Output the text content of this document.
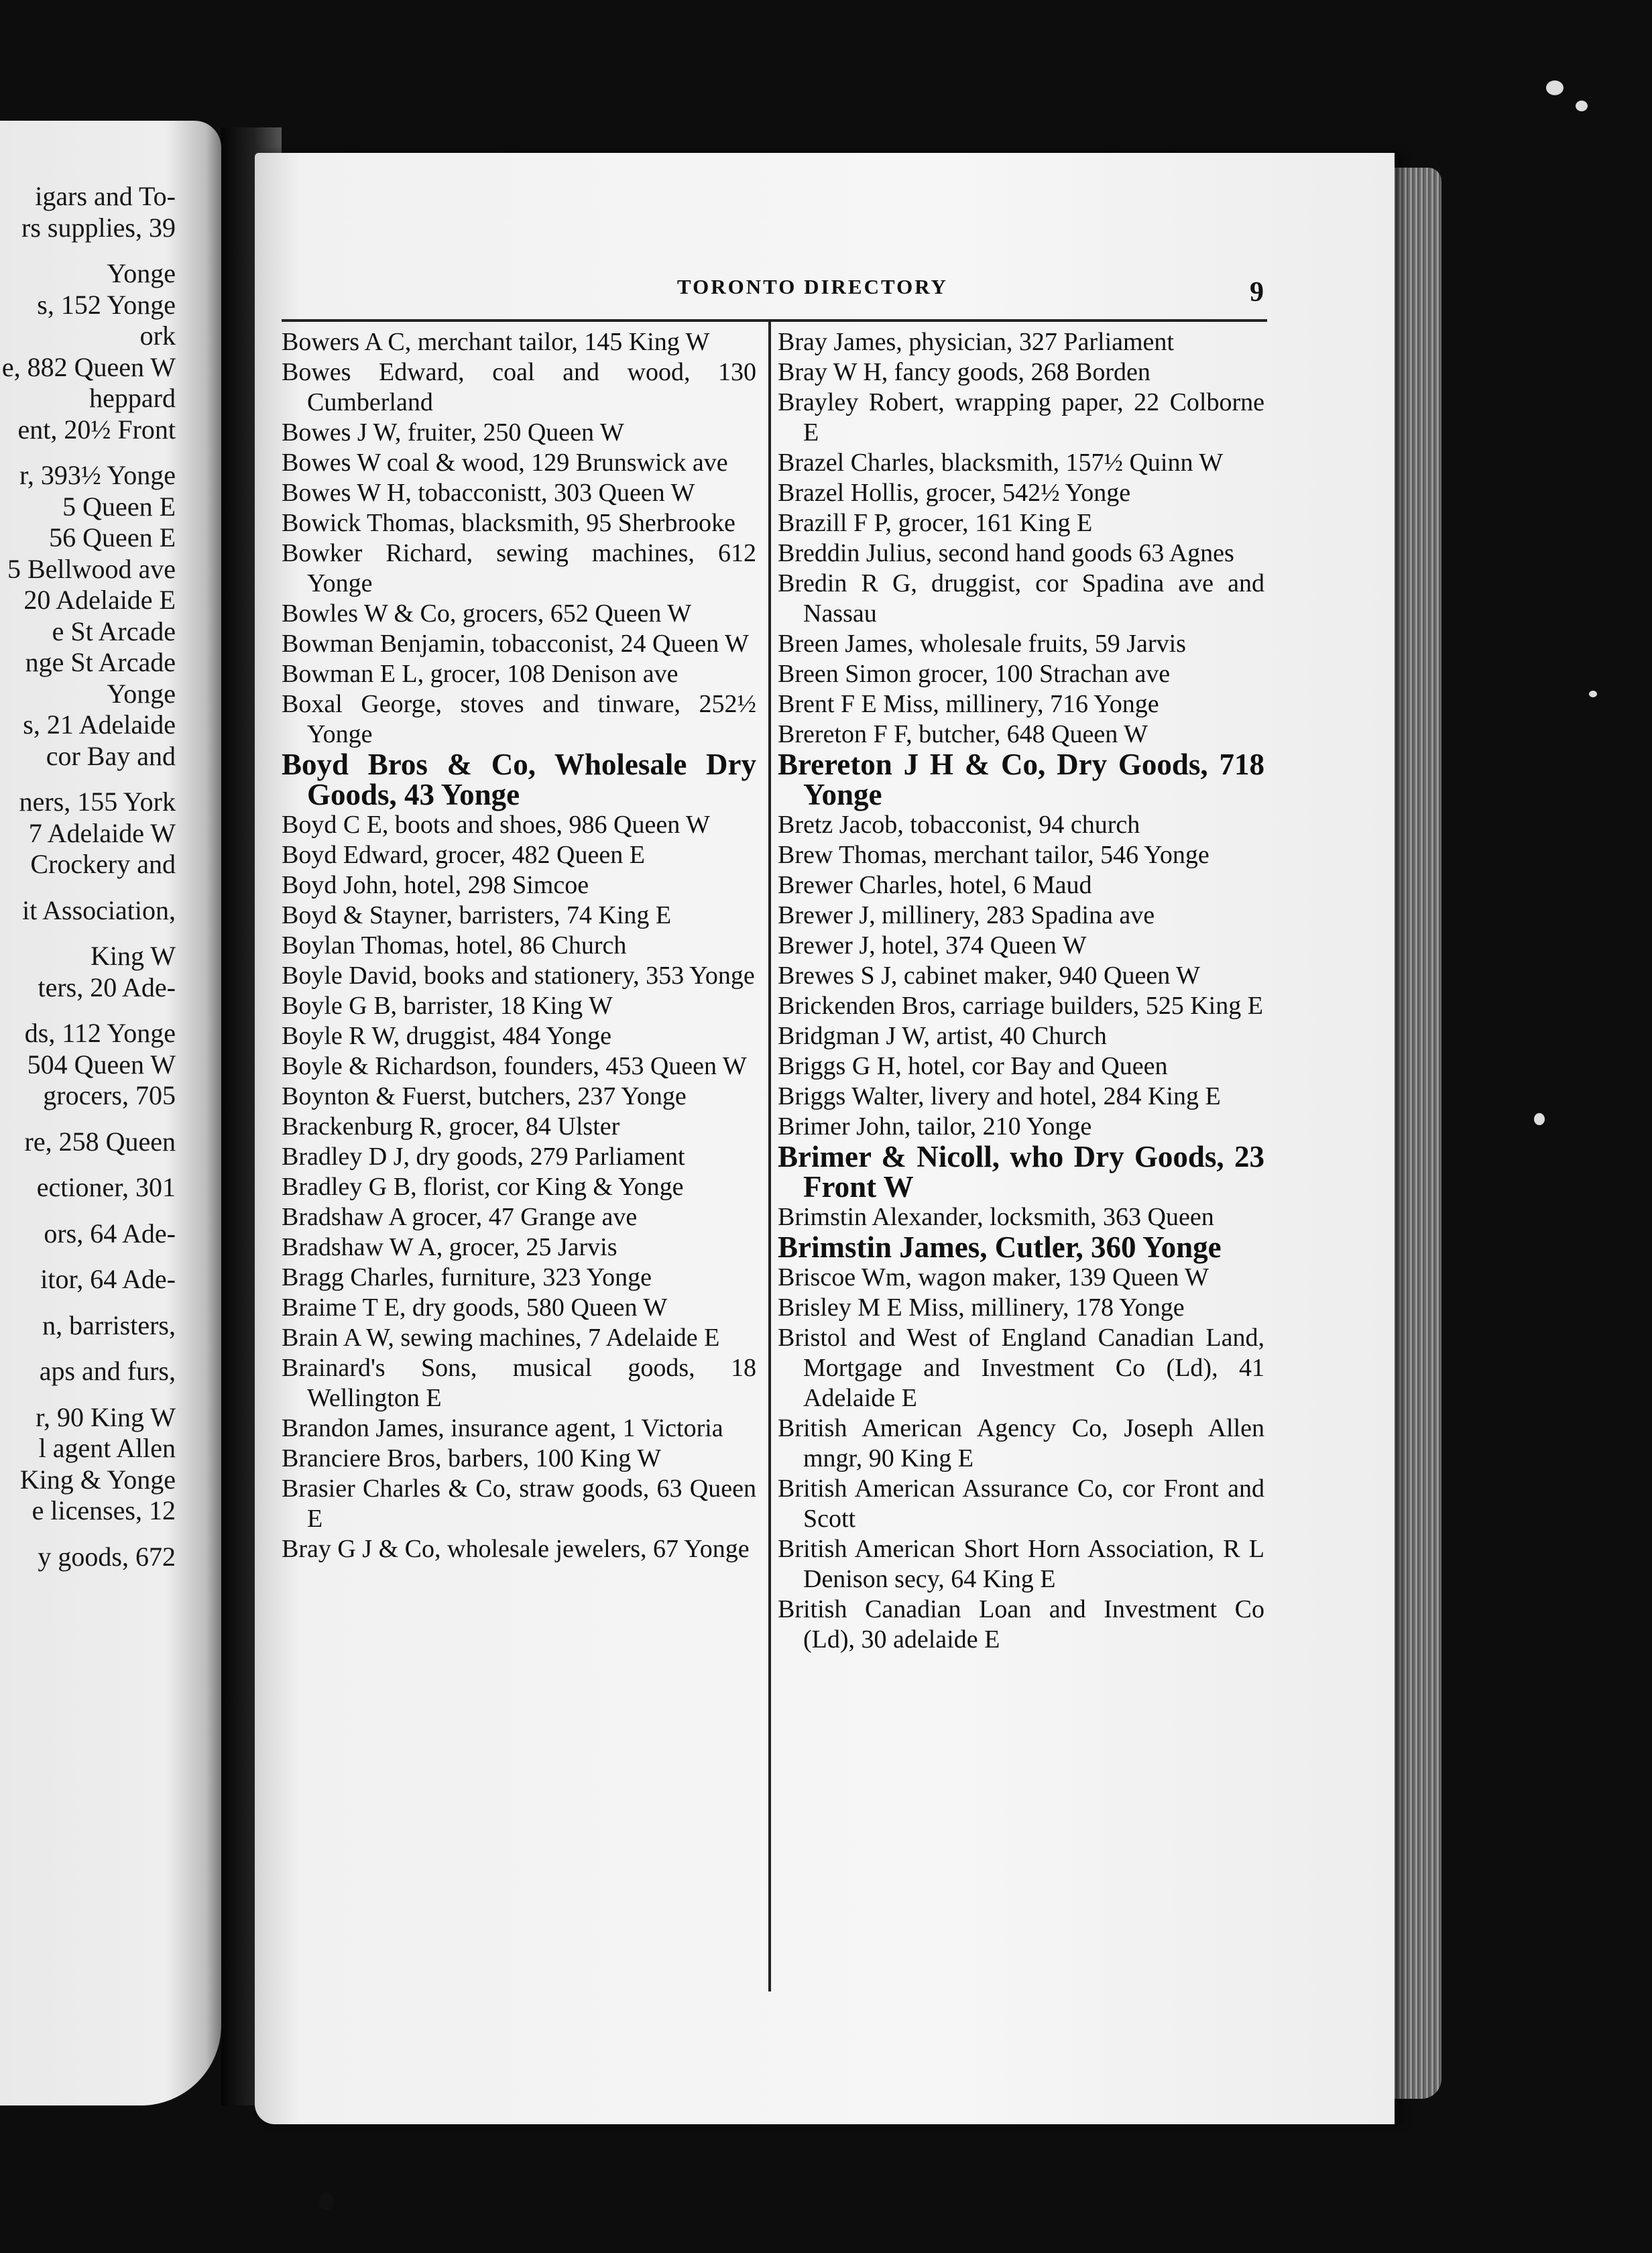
igars and To-
rs supplies, 39

Yonge
s, 152 Yonge
ork
e, 882 Queen W
heppard
ent, 20½ Front

r, 393½ Yonge
5 Queen E
56 Queen E
5 Bellwood ave
20 Adelaide E
e St Arcade
nge St Arcade
Yonge
s, 21 Adelaide
cor Bay and

ners, 155 York
7 Adelaide W
Crockery and

it Association,

King W
ters, 20 Ade-

ds, 112 Yonge
504 Queen W
grocers, 705

re, 258 Queen

ectioner, 301

ors, 64 Ade-

itor, 64 Ade-

n, barristers,

aps and furs,

r, 90 King W
l agent Allen
King & Yonge
e licenses, 12

y goods, 672
TORONTO DIRECTORY	9
Bowers A C, merchant tailor, 145 King W
Bowes Edward, coal and wood, 130 Cumberland
Bowes J W, fruiter, 250 Queen W
Bowes W coal & wood, 129 Brunswick ave
Bowes W H, tobacconistt, 303 Queen W
Bowick Thomas, blacksmith, 95 Sherbrooke
Bowker Richard, sewing machines, 612 Yonge
Bowles W & Co, grocers, 652 Queen W
Bowman Benjamin, tobacconist, 24 Queen W
Bowman E L, grocer, 108 Denison ave
Boxal George, stoves and tinware, 252½ Yonge
Boyd Bros & Co, Wholesale Dry Goods, 43 Yonge
Boyd C E, boots and shoes, 986 Queen W
Boyd Edward, grocer, 482 Queen E
Boyd John, hotel, 298 Simcoe
Boyd & Stayner, barristers, 74 King E
Boylan Thomas, hotel, 86 Church
Boyle David, books and stationery, 353 Yonge
Boyle G B, barrister, 18 King W
Boyle R W, druggist, 484 Yonge
Boyle & Richardson, founders, 453 Queen W
Boynton & Fuerst, butchers, 237 Yonge
Brackenburg R, grocer, 84 Ulster
Bradley D J, dry goods, 279 Parliament
Bradley G B, florist, cor King & Yonge
Bradshaw A grocer, 47 Grange ave
Bradshaw W A, grocer, 25 Jarvis
Bragg Charles, furniture, 323 Yonge
Braime T E, dry goods, 580 Queen W
Brain A W, sewing machines, 7 Adelaide E
Brainard's Sons, musical goods, 18 Wellington E
Brandon James, insurance agent, 1 Victoria
Branciere Bros, barbers, 100 King W
Brasier Charles & Co, straw goods, 63 Queen E
Bray G J & Co, wholesale jewelers, 67 Yonge
Bray James, physician, 327 Parliament
Bray W H, fancy goods, 268 Borden
Brayley Robert, wrapping paper, 22 Colborne E
Brazel Charles, blacksmith, 157½ Quinn W
Brazel Hollis, grocer, 542½ Yonge
Brazill F P, grocer, 161 King E
Breddin Julius, second hand goods 63 Agnes
Bredin R G, druggist, cor Spadina ave and Nassau
Breen James, wholesale fruits, 59 Jarvis
Breen Simon grocer, 100 Strachan ave
Brent F E Miss, millinery, 716 Yonge
Brereton F F, butcher, 648 Queen W
Brereton J H & Co, Dry Goods, 718 Yonge
Bretz Jacob, tobacconist, 94 church
Brew Thomas, merchant tailor, 546 Yonge
Brewer Charles, hotel, 6 Maud
Brewer J, millinery, 283 Spadina ave
Brewer J, hotel, 374 Queen W
Brewes S J, cabinet maker, 940 Queen W
Brickenden Bros, carriage builders, 525 King E
Bridgman J W, artist, 40 Church
Briggs G H, hotel, cor Bay and Queen
Briggs Walter, livery and hotel, 284 King E
Brimer John, tailor, 210 Yonge
Brimer & Nicoll, who Dry Goods, 23 Front W
Brimstin Alexander, locksmith, 363 Queen
Brimstin James, Cutler, 360 Yonge
Briscoe Wm, wagon maker, 139 Queen W
Brisley M E Miss, millinery, 178 Yonge
Bristol and West of England Canadian Land, Mortgage and Investment Co (Ld), 41 Adelaide E
British American Agency Co, Joseph Allen mngr, 90 King E
British American Assurance Co, cor Front and Scott
British American Short Horn Association, R L Denison secy, 64 King E
British Canadian Loan and Investment Co (Ld), 30 adelaide E
